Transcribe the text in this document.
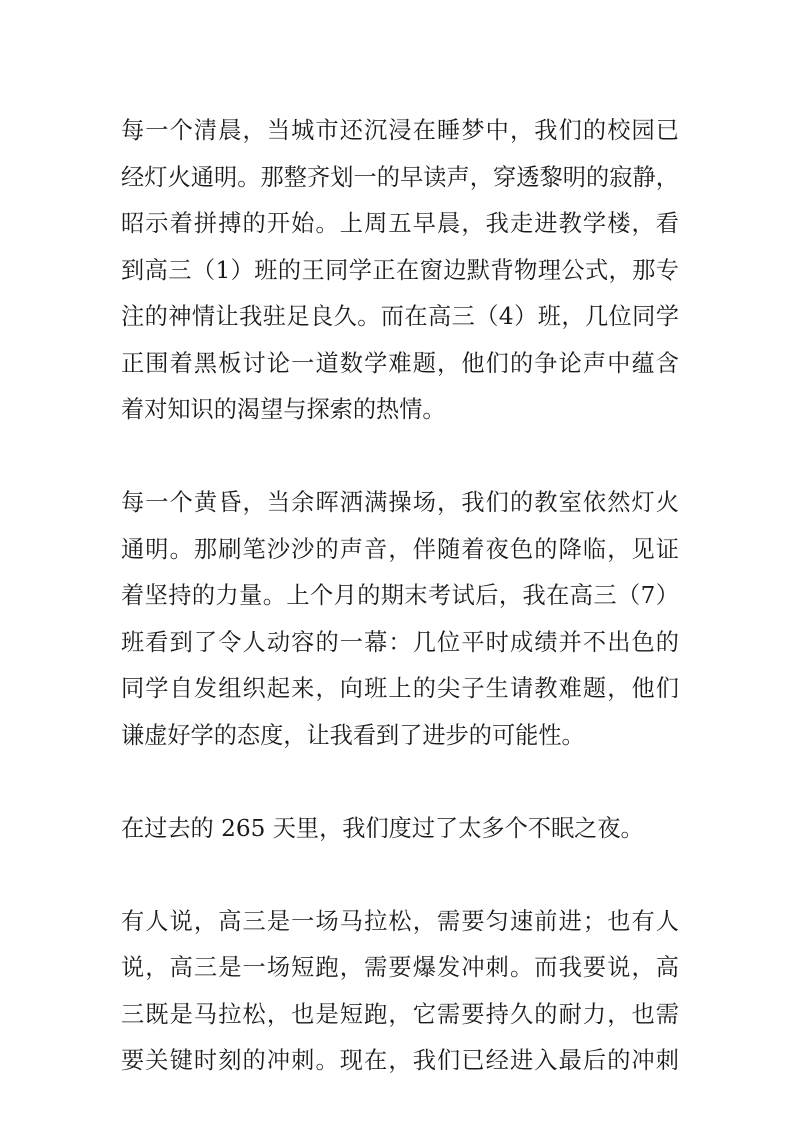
每一个清晨，当城市还沉浸在睡梦中，我们的校园已
经灯火通明。那整齐划一的早读声，穿透黎明的寂静，
昭示着拼搏的开始。上周五早晨，我走进教学楼，看
到高三（1）班的王同学正在窗边默背物理公式，那专
注的神情让我驻足良久。而在高三（4）班，几位同学
正围着黑板讨论一道数学难题，他们的争论声中蕴含
着对知识的渴望与探索的热情。
每一个黄昏，当余晖洒满操场，我们的教室依然灯火
通明。那刷笔沙沙的声音，伴随着夜色的降临，见证
着坚持的力量。上个月的期末考试后，我在高三（7）
班看到了令人动容的一幕：几位平时成绩并不出色的
同学自发组织起来，向班上的尖子生请教难题，他们
谦虚好学的态度，让我看到了进步的可能性。
在过去的 265 天里，我们度过了太多个不眠之夜。
有人说，高三是一场马拉松，需要匀速前进；也有人
说，高三是一场短跑，需要爆发冲刺。而我要说，高
三既是马拉松，也是短跑，它需要持久的耐力，也需
要关键时刻的冲刺。现在，我们已经进入最后的冲刺
